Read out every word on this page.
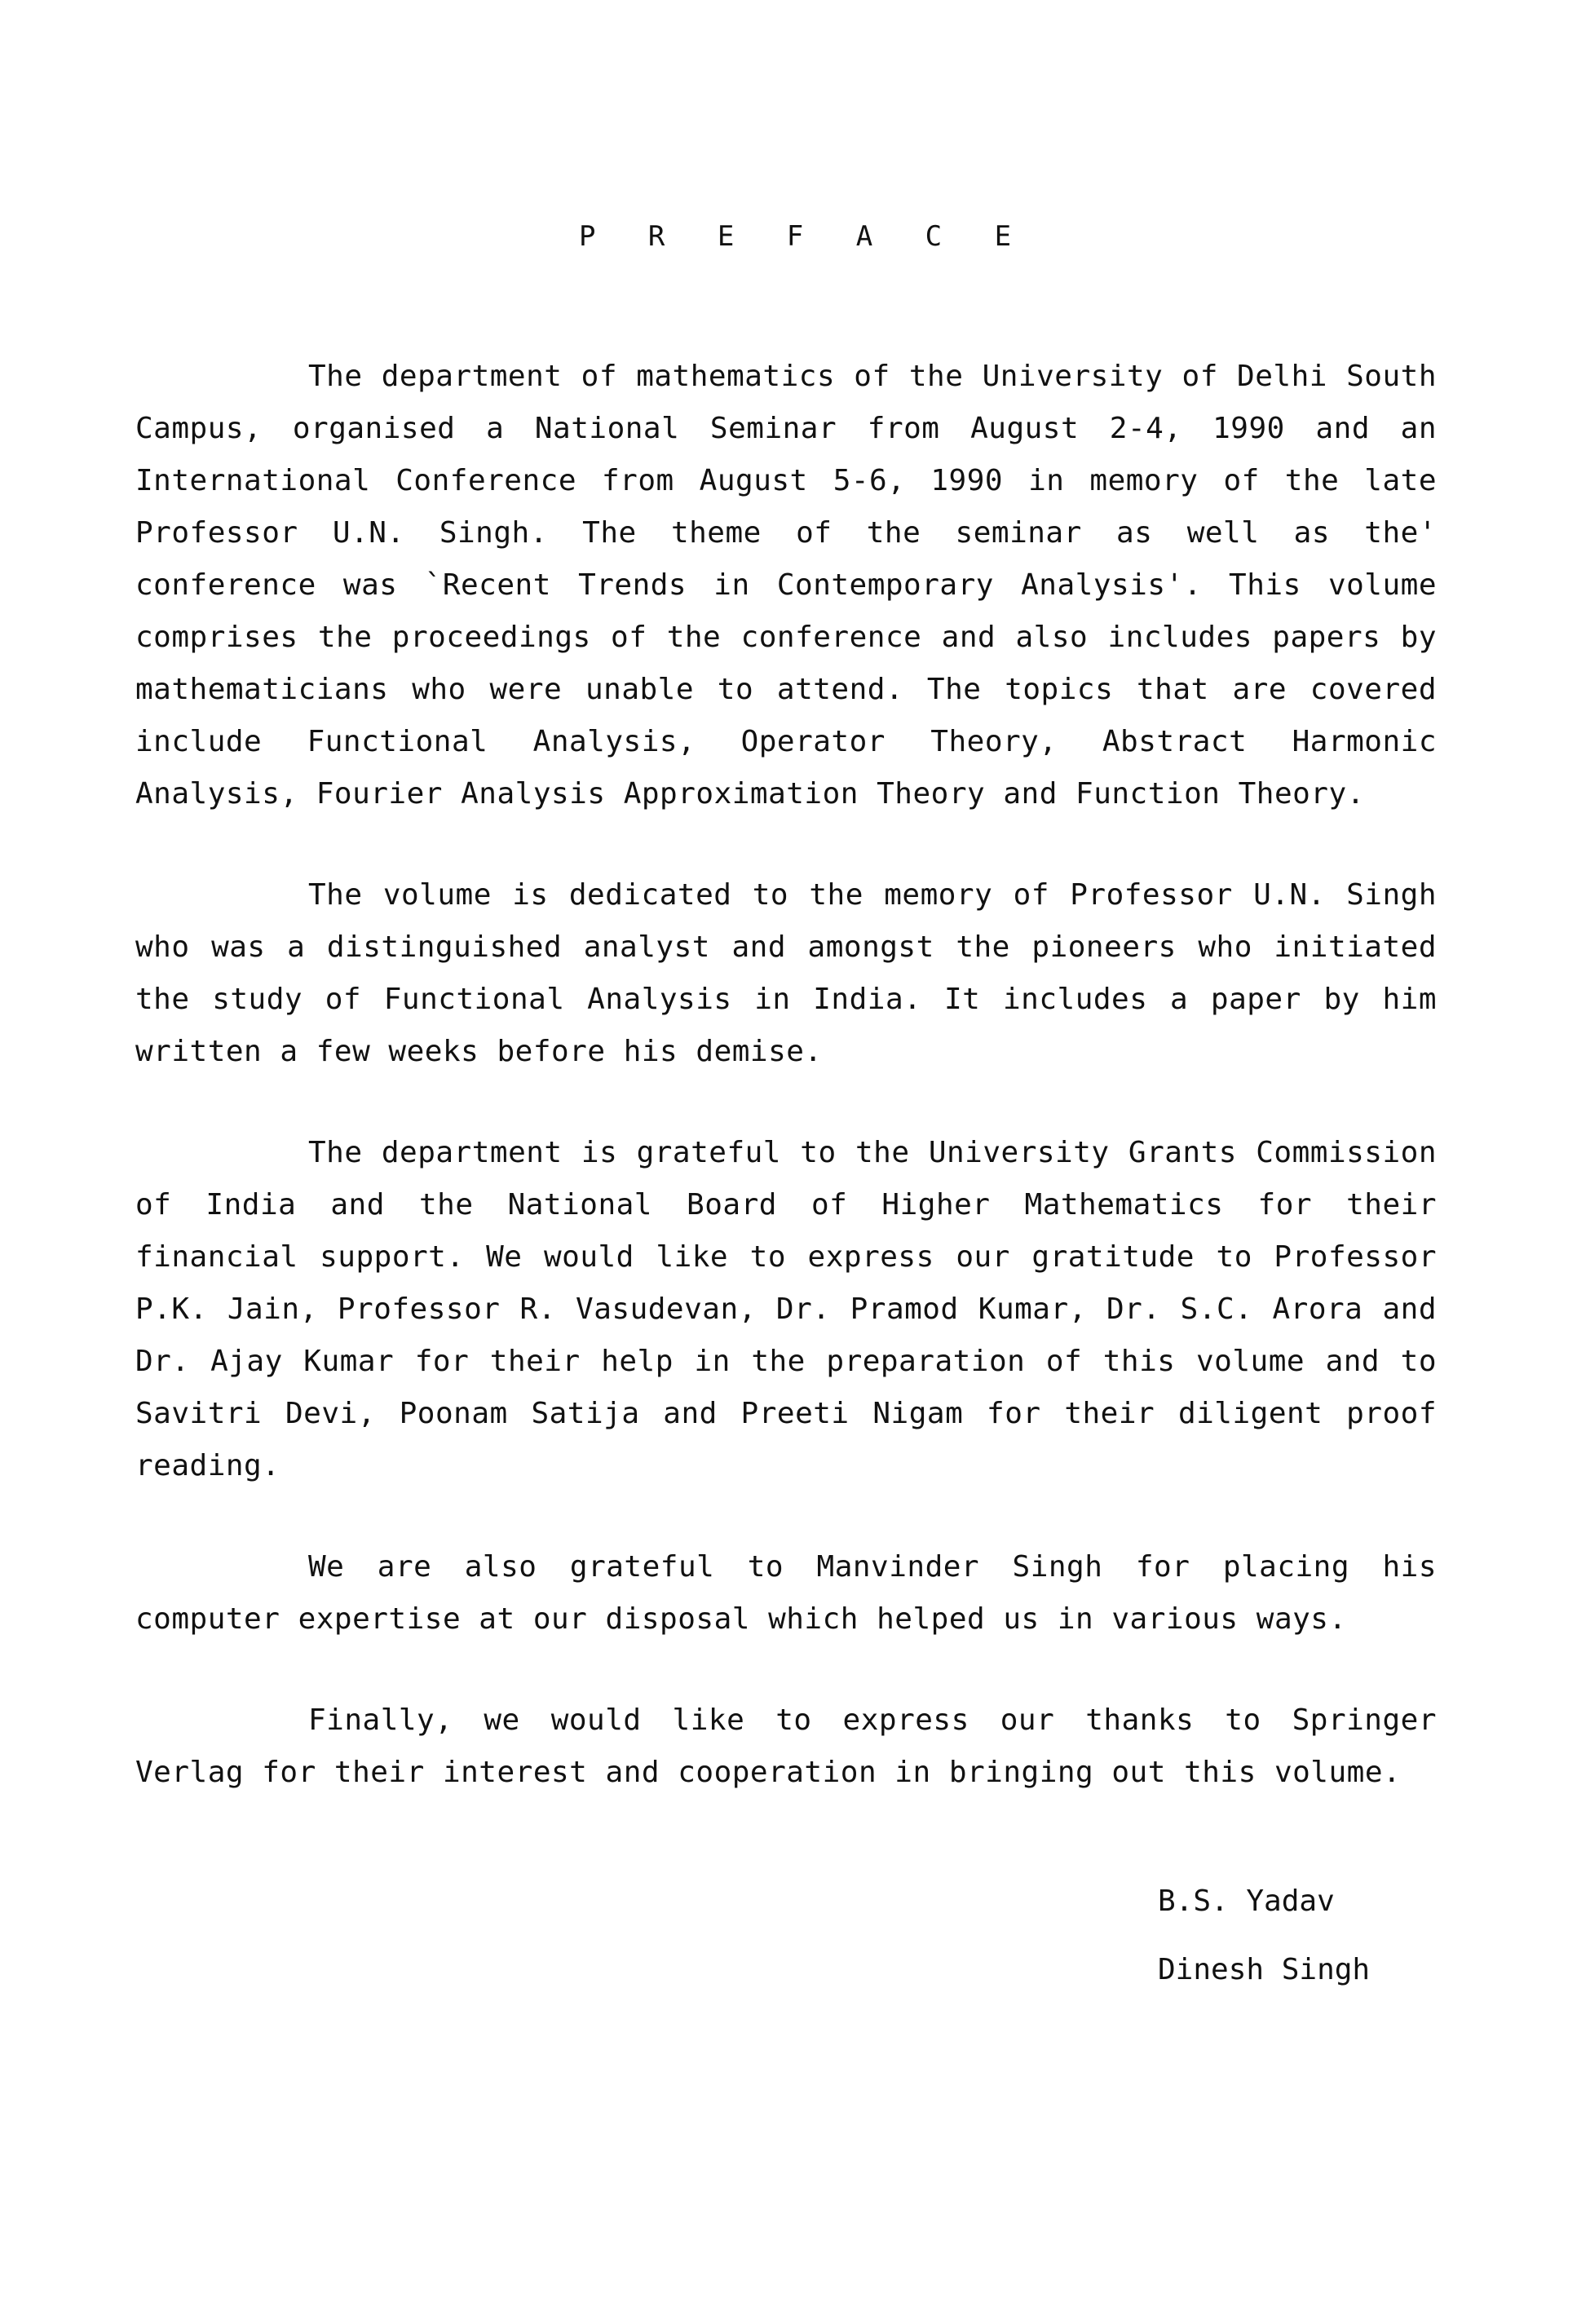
P R E F A C E

The department of mathematics of the University of Delhi South Campus, organised a National Seminar from August 2-4, 1990 and an International Conference from August 5-6, 1990 in memory of the late Professor U.N. Singh. The theme of the seminar as well as the' conference was `Recent Trends in Contemporary Analysis'. This volume comprises the proceedings of the conference and also includes papers by mathematicians who were unable to attend. The topics that are covered include Functional Analysis, Operator Theory, Abstract Harmonic Analysis, Fourier Analysis Approximation Theory and Function Theory.

The volume is dedicated to the memory of Professor U.N. Singh who was a distinguished analyst and amongst the pioneers who initiated the study of Functional Analysis in India. It includes a paper by him written a few weeks before his demise.

The department is grateful to the University Grants Commission of India and the National Board of Higher Mathematics for their financial support. We would like to express our gratitude to Professor P.K. Jain, Professor R. Vasudevan, Dr. Pramod Kumar, Dr. S.C. Arora and Dr. Ajay Kumar for their help in the preparation of this volume and to Savitri Devi, Poonam Satija and Preeti Nigam for their diligent proof reading.

We are also grateful to Manvinder Singh for placing his computer expertise at our disposal which helped us in various ways.

Finally, we would like to express our thanks to Springer Verlag for their interest and cooperation in bringing out this volume.

B.S. Yadav
Dinesh Singh
